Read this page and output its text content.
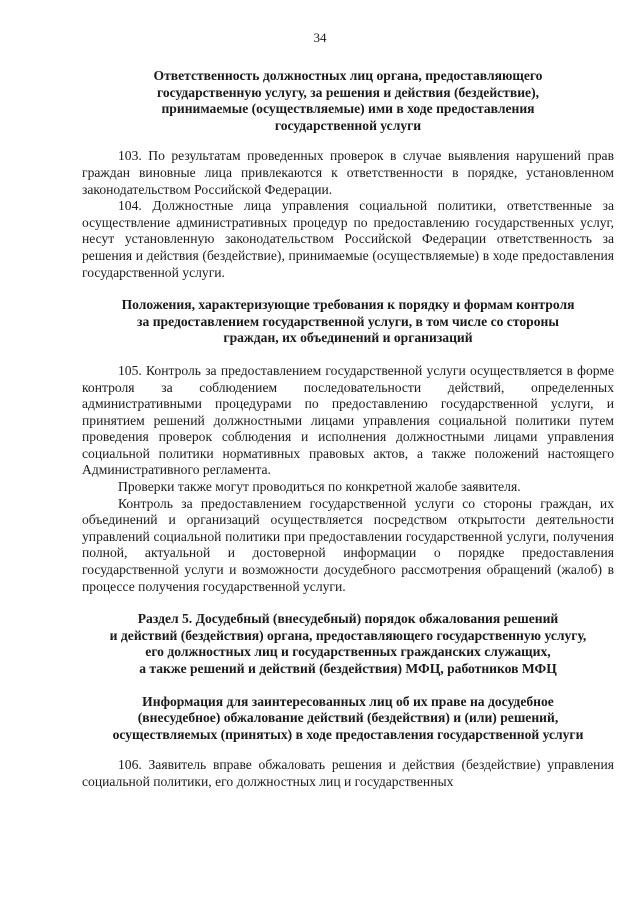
34
Ответственность должностных лиц органа, предоставляющего
государственную услугу, за решения и действия (бездействие),
принимаемые (осуществляемые) ими в ходе предоставления
государственной услуги

103. По результатам проведенных проверок в случае выявления нарушений прав граждан виновные лица привлекаются к ответственности в порядке, установленном законодательством Российской Федерации.

104. Должностные лица управления социальной политики, ответственные за осуществление административных процедур по предоставлению государственных услуг, несут установленную законодательством Российской Федерации ответственность за решения и действия (бездействие), принимаемые (осуществляемые) в ходе предоставления государственной услуги.

Положения, характеризующие требования к порядку и формам контроля
за предоставлением государственной услуги, в том числе со стороны
граждан, их объединений и организаций

105. Контроль за предоставлением государственной услуги осуществляется в форме контроля за соблюдением последовательности действий, определенных административными процедурами по предоставлению государственной услуги, и принятием решений должностными лицами управления социальной политики путем проведения проверок соблюдения и исполнения должностными лицами управления социальной политики нормативных правовых актов, а также положений настоящего Административного регламента.

Проверки также могут проводиться по конкретной жалобе заявителя.

Контроль за предоставлением государственной услуги со стороны граждан, их объединений и организаций осуществляется посредством открытости деятельности управлений социальной политики при предоставлении государственной услуги, получения полной, актуальной и достоверной информации о порядке предоставления государственной услуги и возможности досудебного рассмотрения обращений (жалоб) в процессе получения государственной услуги.

Раздел 5. Досудебный (внесудебный) порядок обжалования решений
и действий (бездействия) органа, предоставляющего государственную услугу,
его должностных лиц и государственных гражданских служащих,
а также решений и действий (бездействия) МФЦ, работников МФЦ
Информация для заинтересованных лиц об их праве на досудебное
(внесудебное) обжалование действий (бездействия) и (или) решений,
осуществляемых (принятых) в ходе предоставления государственной услуги

106. Заявитель вправе обжаловать решения и действия (бездействие) управления социальной политики, его должностных лиц и государственных
